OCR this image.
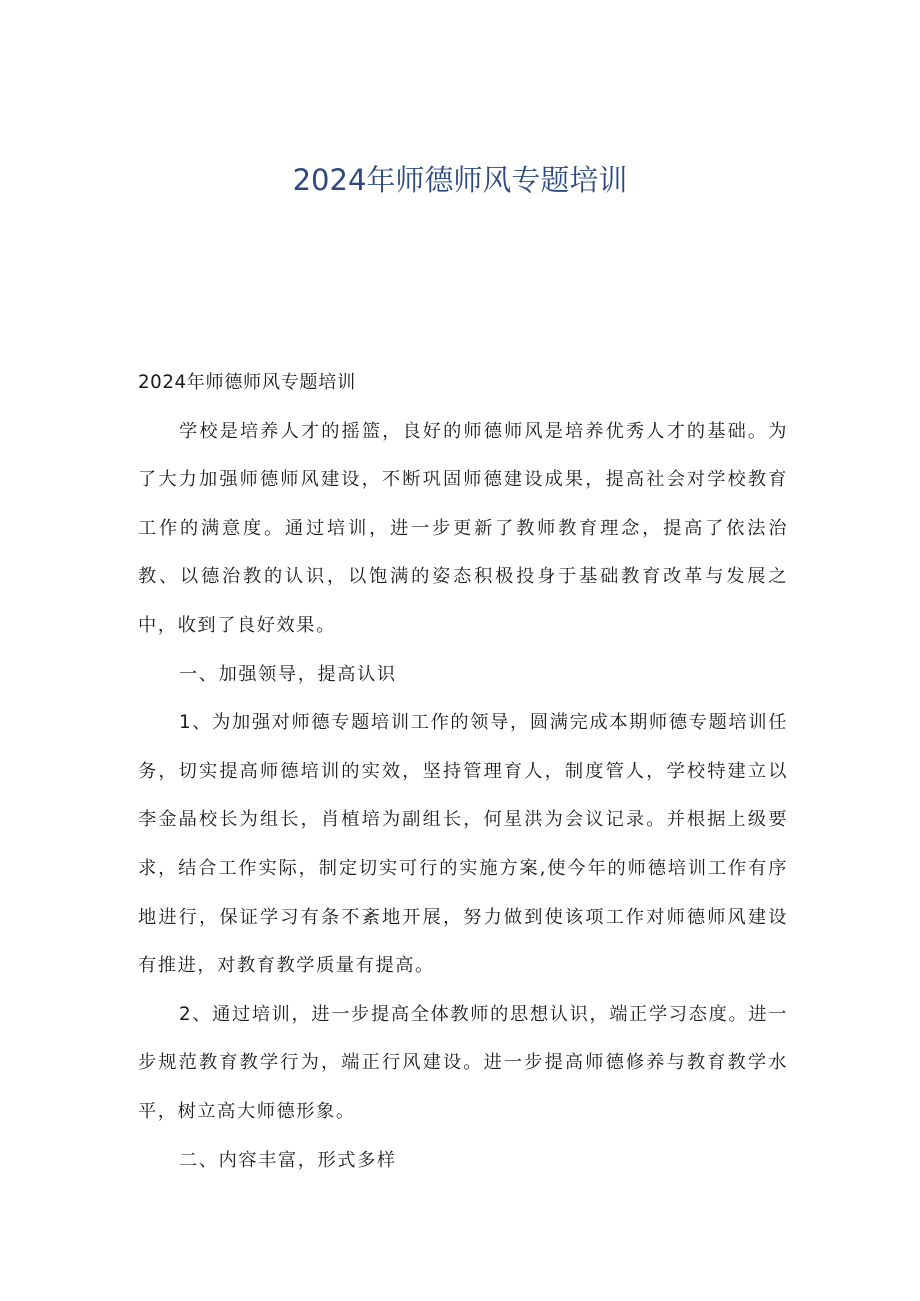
2024年师德师风专题培训

2024年师德师风专题培训

学校是培养人才的摇篮，良好的师德师风是培养优秀人才的基础。为了大力加强师德师风建设，不断巩固师德建设成果，提高社会对学校教育工作的满意度。通过培训，进一步更新了教师教育理念，提高了依法治教、以德治教的认识，以饱满的姿态积极投身于基础教育改革与发展之中，收到了良好效果。

一、加强领导，提高认识

1、为加强对师德专题培训工作的领导，圆满完成本期师德专题培训任务，切实提高师德培训的实效，坚持管理育人，制度管人，学校特建立以李金晶校长为组长，肖植培为副组长，何星洪为会议记录。并根据上级要求，结合工作实际，制定切实可行的实施方案,使今年的师德培训工作有序地进行，保证学习有条不紊地开展，努力做到使该项工作对师德师风建设有推进，对教育教学质量有提高。

2、通过培训，进一步提高全体教师的思想认识，端正学习态度。进一步规范教育教学行为，端正行风建设。进一步提高师德修养与教育教学水平，树立高大师德形象。

二、内容丰富，形式多样
